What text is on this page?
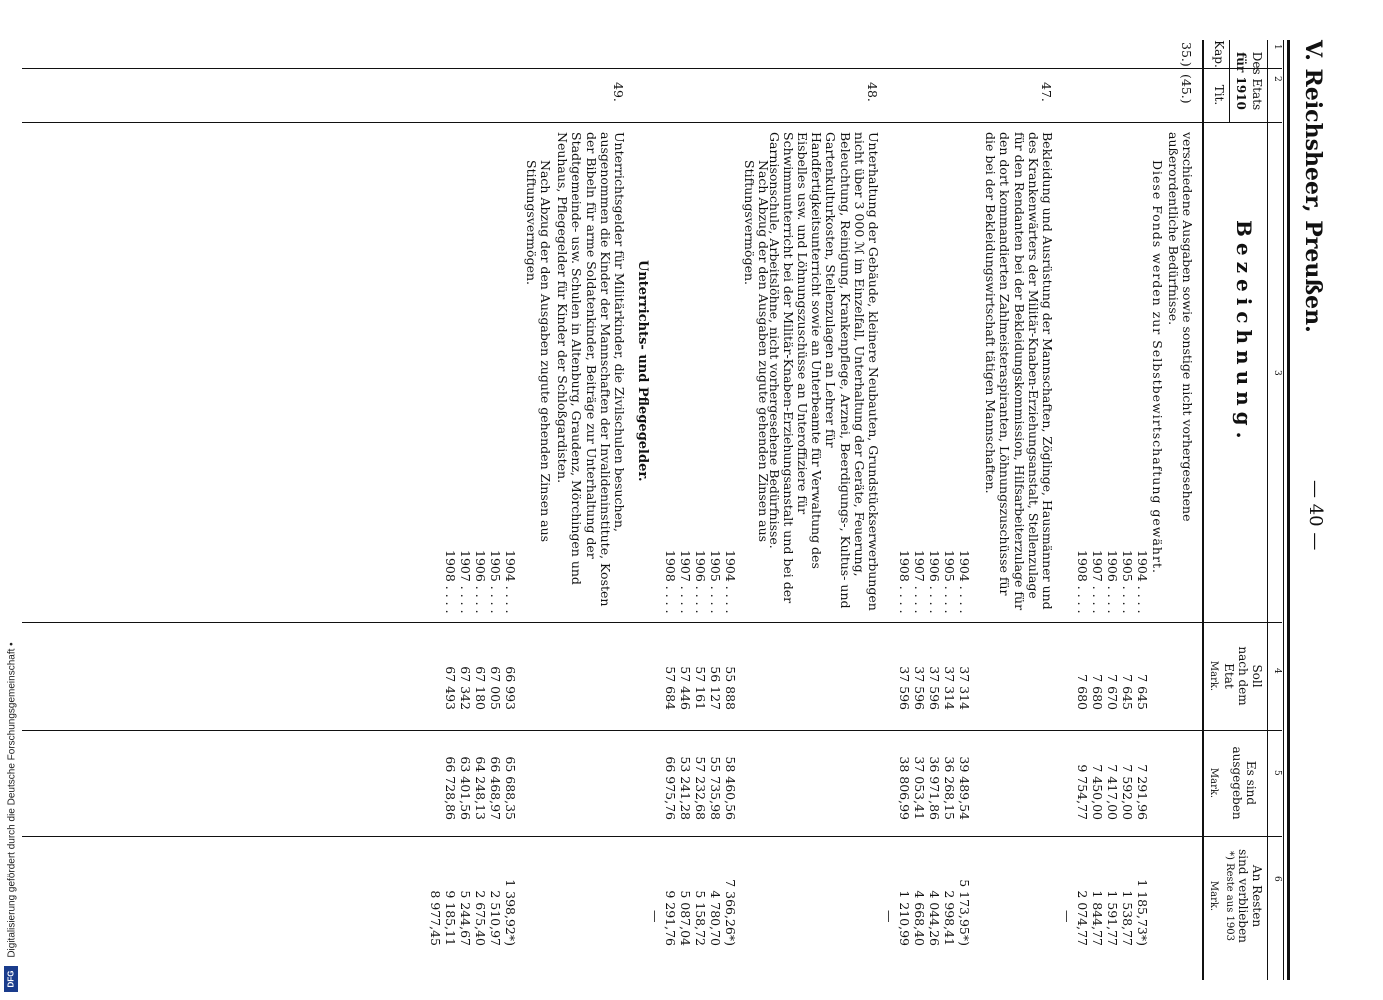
Digitalisierung gefördert durch die Deutsche Forschungsgemeinschaft •
DFG
V. Reichsheer, Preußen.
— 40 —
1
2
3
4
5
6
Des Etats
für 1910
Kap.
Tit.
Bezeichnung.
Soll
nach dem
Etat
Mark.
Es sind
ausgegeben
Mark.
An Resten
sind verblieben
*) Reste aus 1903
Mark.
35.)
(45.)
verschiedene Ausgaben sowie sonstige nicht vorhergesehene außerordentliche Bedürfnisse.
Diese Fonds werden zur Selbstbewirtschaftung gewährt.
1904 . . . .
7 645
7 291,96
1 185,73*)
1905 . . . .
7 645
7 592,00
1 538,77
1906 . . . .
7 670
7 417,00
1 591,77
1907 . . . .
7 680
7 450,00
1 844,77
1908 . . . .
7 680
9 754,77
2 074,77
—
47.
Bekleidung und Ausrüstung der Mannschaften, Zöglinge, Hausmänner und des Krankenwärters der Militär-Knaben-Erziehungsanstalt, Stellenzulage für den Rendanten bei der Bekleidungskommission, Hilfsarbeiterzulage für den dort kommandierten Zahlmeisteraspiranten, Löhnungszuschüsse für die bei der Bekleidungswirtschaft tätigen Mannschaften.
1904 . . . .
37 314
39 489,54
5 173,95*)
1905 . . . .
37 314
36 268,15
2 998,41
1906 . . . .
37 596
36 971,86
4 044,26
1907 . . . .
37 596
37 053,41
4 668,40
1908 . . . .
37 596
38 806,99
1 210,99
—
48.
Unterhaltung der Gebäude, kleinere Neubauten, Grundstückserwerbungen nicht über 3 000 ℳ im Einzelfall, Unterhaltung der Geräte, Feuerung, Beleuchtung, Reinigung, Krankenpflege, Arznei, Beerdigungs-, Kultus- und Gartenkulturkosten, Stellenzulagen an Lehrer für Handfertigkeitsunterricht sowie an Unterbeamte für Verwaltung des Eisbelles usw. und Löhnungszuschüsse an Unteroffiziere für Schwimmunterricht bei der Militär-Knaben-Erziehungsanstalt und bei der Garnisonschule, Arbeitslöhne, nicht vorhergesehene Bedürfnisse.
Nach Abzug der den Ausgaben zugute gehenden Zinsen aus Stiftungsvermögen.
1904 . . . .
55 888
58 460,56
7 366,26*)
1905 . . . .
56 127
55 735,98
4 780,70
1906 . . . .
57 161
57 232,68
5 158,72
1907 . . . .
57 446
53 241,28
5 087,04
1908 . . . .
57 684
66 975,76
9 291,76
—
Unterrichts- und Pflegegelder.
49.
Unterrichtsgelder für Militärkinder, die Zivilschulen besuchen, ausgenommen die Kinder der Mannschaften der Invalideninstitute, Kosten der Bibeln für arme Soldatenkinder, Beiträge zur Unterhaltung der Stadtgemeinde- usw. Schulen in Altenburg, Graudenz, Mörchingen und Neuhaus, Pflegegelder für Kinder der Schloßgardisten.
Nach Abzug der den Ausgaben zugute gehenden Zinsen aus Stiftungsvermögen.
1904 . . . .
66 993
65 688,35
1 398,92*)
1905 . . . .
67 005
66 468,97
2 510,97
1906 . . . .
67 180
64 248,13
2 675,40
1907 . . . .
67 342
63 401,56
5 244,67
1908 . . . .
67 493
66 728,86
9 185,11
8 977,45
